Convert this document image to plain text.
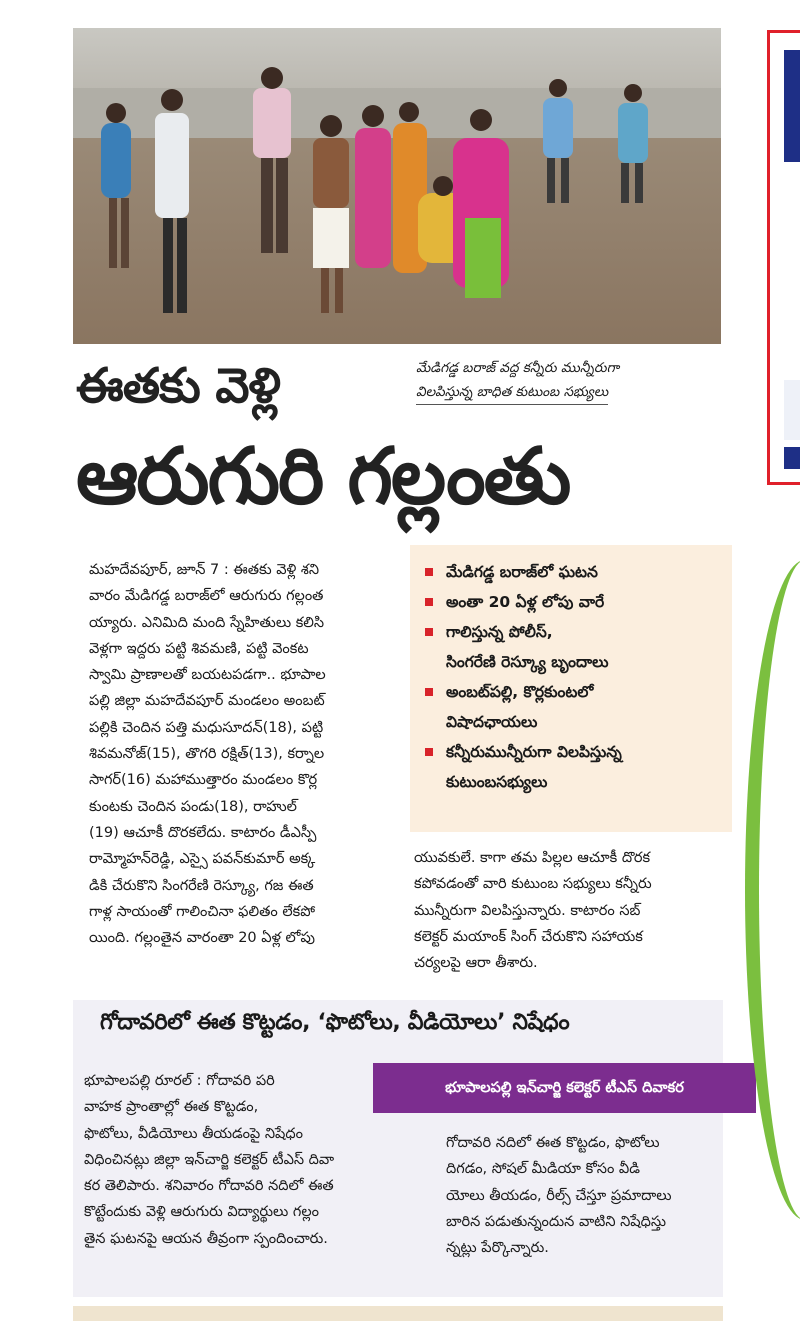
మేడిగడ్డ బరాజ్ వద్ద కన్నీరు మున్నీరుగా
విలపిస్తున్న బాధిత కుటుంబ సభ్యులు
ఈతకు వెళ్లి
ఆరుగురి గల్లంతు
మహదేవపూర్, జూన్ 7 : ఈతకు వెళ్లి శని
వారం మేడిగడ్డ బరాజ్‌లో ఆరుగురు గల్లంత
య్యారు. ఎనిమిది మంది స్నేహితులు కలిసి
వెళ్లగా ఇద్దరు పట్టి శివమణి, పట్టి వెంకట
స్వామి ప్రాణాలతో బయటపడగా.. భూపాల
పల్లి జిల్లా మహదేవపూర్ మండలం అంబట్
పల్లికి చెందిన పత్తి మధుసూదన్(18), పట్టి
శివమనోజ్(15), తొగరి రక్షిత్(13), కర్నాల
సాగర్(16) మహాముత్తారం మండలం కొర్ల
కుంటకు చెందిన పండు(18), రాహుల్
(19) ఆచూకీ దొరకలేదు. కాటారం డీఎస్పీ
రామ్మోహన్‌రెడ్డి, ఎస్సై పవన్‌కుమార్ అక్క
డికి చేరుకొని సింగరేణి రెస్క్యూ, గజ ఈత
గాళ్ల సాయంతో గాలించినా ఫలితం లేకపో
యింది. గల్లంతైన వారంతా 20 ఏళ్ల లోపు
మేడిగడ్డ బరాజ్‌లో ఘటన
అంతా 20 ఏళ్ల లోపు వారే
గాలిస్తున్న పోలీస్,
సింగరేణి రెస్క్యూ బృందాలు
అంబట్‌పల్లి, కొర్లకుంటలో
విషాదఛాయలు
కన్నీరుమున్నీరుగా విలపిస్తున్న
కుటుంబసభ్యులు
యువకులే. కాగా తమ పిల్లల ఆచూకీ దొరక
కపోవడంతో వారి కుటుంబ సభ్యులు కన్నీరు
మున్నీరుగా విలపిస్తున్నారు. కాటారం సబ్
కలెక్టర్ మయాంక్ సింగ్ చేరుకొని సహాయక
చర్యలపై ఆరా తీశారు.
గోదావరిలో ఈత కొట్టడం, ‘ఫొటోలు, వీడియోలు’ నిషేధం
భూపాలపల్లి ఇన్‌చార్జి కలెక్టర్ టీఎస్ దివాకర
భూపాలపల్లి రూరల్ : గోదావరి పరి
వాహక ప్రాంతాల్లో ఈత కొట్టడం,
ఫొటోలు, వీడియోలు తీయడంపై నిషేధం
విధించినట్లు జిల్లా ఇన్‌చార్జి కలెక్టర్ టీఎస్ దివా
కర తెలిపారు. శనివారం గోదావరి నదిలో ఈత
కొట్టేందుకు వెళ్లి ఆరుగురు విద్యార్థులు గల్లం
తైన ఘటనపై ఆయన తీవ్రంగా స్పందించారు.
గోదావరి నదిలో ఈత కొట్టడం, ఫొటోలు
దిగడం, సోషల్ మీడియా కోసం వీడి
యోలు తీయడం, రీల్స్ చేస్తూ ప్రమాదాలు
బారిన పడుతున్నందున వాటిని నిషేధిస్తు
న్నట్లు పేర్కొన్నారు.
